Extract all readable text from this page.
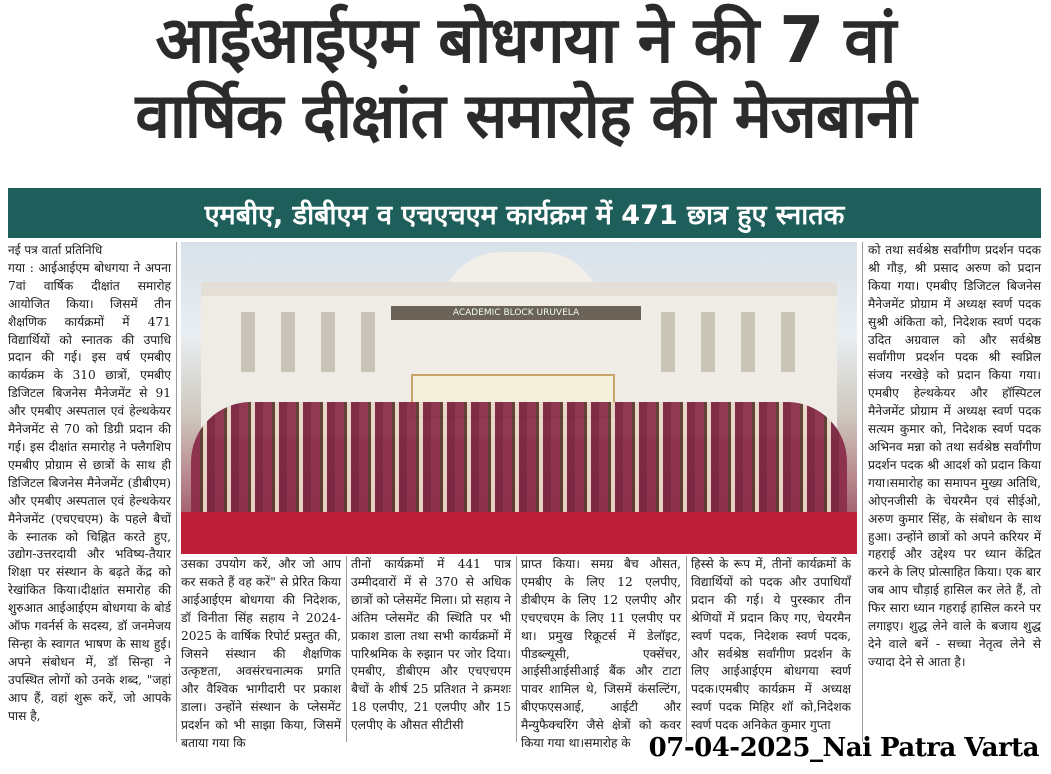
आईआईएम बोधगया ने की 7 वां
वार्षिक दीक्षांत समारोह की मेजबानी
एमबीए, डीबीएम व एचएचएम कार्यक्रम में 471 छात्र हुए स्नातक
ACADEMIC BLOCK URUVELA

नई पत्र वार्ता प्रतिनिधि

गया : आईआईएम बोधगया ने अपना 7वां वार्षिक दीक्षांत समारोह आयोजित किया। जिसमें तीन शैक्षणिक कार्यक्रमों में 471 विद्यार्थियों को स्नातक की उपाधि प्रदान की गई। इस वर्ष एमबीए कार्यक्रम के 310 छात्रों, एमबीए डिजिटल बिजनेस मैनेजमेंट से 91 और एमबीए अस्पताल एवं हेल्थकेयर मैनेजमेंट से 70 को डिग्री प्रदान की गई। इस दीक्षांत समारोह ने फ्लैगशिप एमबीए प्रोग्राम से छात्रों के साथ ही डिजिटल बिजनेस मैनेजमेंट (डीबीएम) और एमबीए अस्पताल एवं हेल्थकेयर मैनेजमेंट (एचएचएम) के पहले बैचों के स्नातक को चिह्नित करते हुए, उद्योग-उत्तरदायी और भविष्य-तैयार शिक्षा पर संस्थान के बढ़ते केंद्र को रेखांकित किया।दीक्षांत समारोह की शुरुआत आईआईएम बोधगया के बोर्ड ऑफ गवर्नर्स के सदस्य, डॉ जनमेजय सिन्हा के स्वागत भाषण के साथ हुई। अपने संबोधन में, डॉ सिन्हा ने उपस्थित लोगों को उनके शब्द, "जहां आप हैं, वहां शुरू करें, जो आपके पास है,

उसका उपयोग करें, और जो आप कर सकते हैं वह करें" से प्रेरित किया आईआईएम बोधगया की निदेशक, डॉ विनीता सिंह सहाय ने 2024-2025 के वार्षिक रिपोर्ट प्रस्तुत की, जिसने संस्थान की शैक्षणिक उत्कृष्टता, अवसंरचनात्मक प्रगति और वैश्विक भागीदारी पर प्रकाश डाला। उन्होंने संस्थान के प्लेसमेंट प्रदर्शन को भी साझा किया, जिसमें बताया गया कि

तीनों कार्यक्रमों में 441 पात्र उम्मीदवारों में से 370 से अधिक छात्रों को प्लेसमेंट मिला। प्रो सहाय ने अंतिम प्लेसमेंट की स्थिति पर भी प्रकाश डाला तथा सभी कार्यक्रमों में पारिश्रमिक के रुझान पर जोर दिया। एमबीए, डीबीएम और एचएचएम बैचों के शीर्ष 25 प्रतिशत ने क्रमशः 18 एलपीए, 21 एलपीए और 15 एलपीए के औसत सीटीसी

प्राप्त किया। समग्र बैच औसत, एमबीए के लिए 12 एलपीए, डीबीएम के लिए 12 एलपीए और एचएचएम के लिए 11 एलपीए पर था। प्रमुख रिक्रूटर्स में डेलॉइट, पीडब्ल्यूसी, एक्सेंचर, आईसीआईसीआई बैंक और टाटा पावर शामिल थे, जिसमें कंसल्टिंग, बीएफएसआई, आईटी और मैन्युफैक्चरिंग जैसे क्षेत्रों को कवर किया गया था।समारोह के

हिस्से के रूप में, तीनों कार्यक्रमों के विद्यार्थियों को पदक और उपाधियाँ प्रदान की गई। ये पुरस्कार तीन श्रेणियों में प्रदान किए गए, चेयरमैन स्वर्ण पदक, निदेशक स्वर्ण पदक, और सर्वश्रेष्ठ सर्वांगीण प्रदर्शन के लिए आईआईएम बोधगया स्वर्ण पदक।एमबीए कार्यक्रम में अध्यक्ष स्वर्ण पदक मिहिर शॉ को,निदेशक स्वर्ण पदक अनिकेत कुमार गुप्ता

को तथा सर्वश्रेष्ठ सर्वांगीण प्रदर्शन पदक श्री गौड़, श्री प्रसाद अरुण को प्रदान किया गया। एमबीए डिजिटल बिजनेस मैनेजमेंट प्रोग्राम में अध्यक्ष स्वर्ण पदक सुश्री अंकिता को, निदेशक स्वर्ण पदक उदित अग्रवाल को और सर्वश्रेष्ठ सर्वांगीण प्रदर्शन पदक श्री स्वप्निल संजय नरखेड़े को प्रदान किया गया। एमबीए हेल्थकेयर और हॉस्पिटल मैनेजमेंट प्रोग्राम में अध्यक्ष स्वर्ण पदक सत्यम कुमार को, निदेशक स्वर्ण पदक अभिनव मन्ना को तथा सर्वश्रेष्ठ सर्वांगीण प्रदर्शन पदक श्री आदर्श को प्रदान किया गया।समारोह का समापन मुख्य अतिथि, ओएनजीसी के चेयरमैन एवं सीईओ, अरुण कुमार सिंह, के संबोधन के साथ हुआ। उन्होंने छात्रों को अपने करियर में गहराई और उद्देश्य पर ध्यान केंद्रित करने के लिए प्रोत्साहित किया। एक बार जब आप चौड़ाई हासिल कर लेते हैं, तो फिर सारा ध्यान गहराई हासिल करने पर लगाइए। शुद्ध लेने वाले के बजाय शुद्ध देने वाले बनें - सच्चा नेतृत्व लेने से ज्यादा देने से आता है।

07-04-2025_Nai Patra Varta
